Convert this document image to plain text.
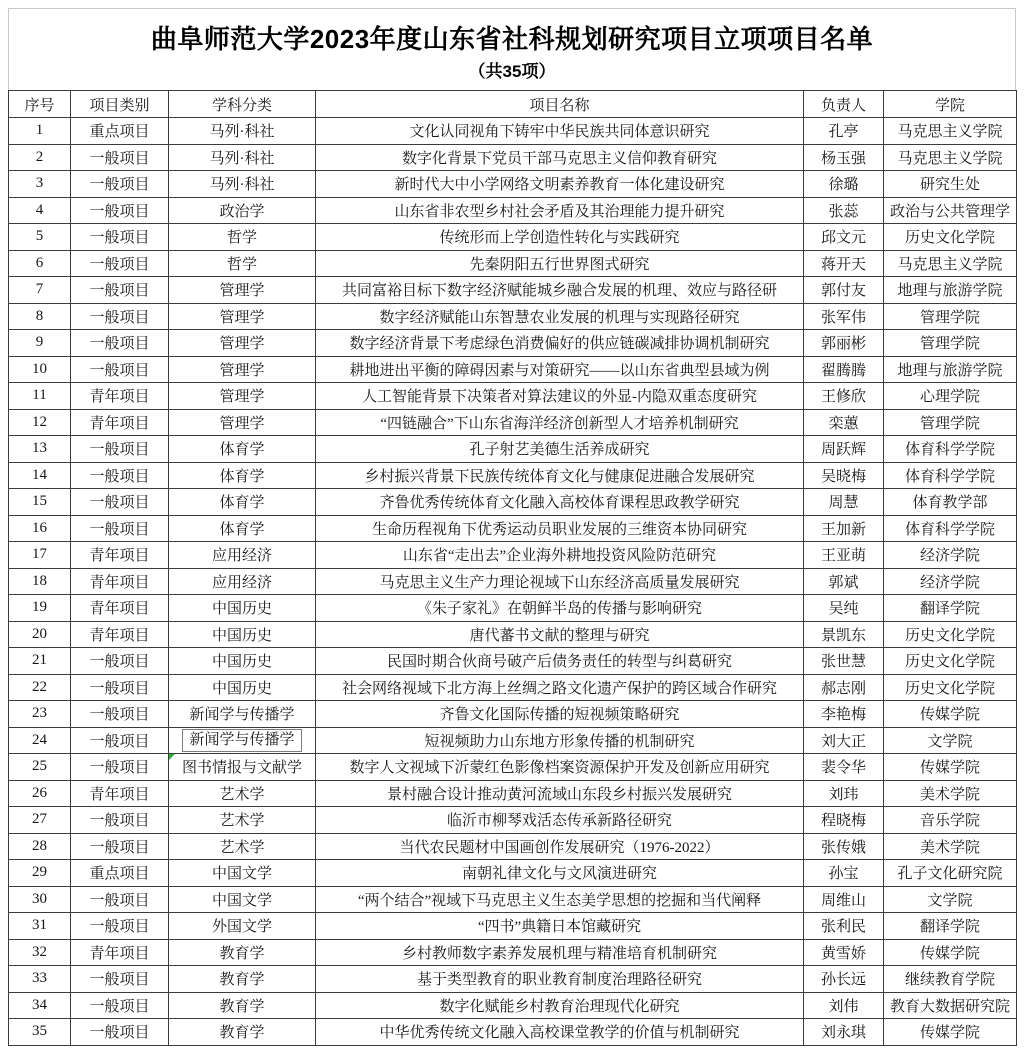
曲阜师范大学2023年度山东省社科规划研究项目立项项目名单
（共35项）
序号	项目类别	学科分类	项目名称	负责人	学院
1	重点项目	马列·科社	文化认同视角下铸牢中华民族共同体意识研究	孔亭	马克思主义学院
2	一般项目	马列·科社	数字化背景下党员干部马克思主义信仰教育研究	杨玉强	马克思主义学院
3	一般项目	马列·科社	新时代大中小学网络文明素养教育一体化建设研究	徐璐	研究生处
4	一般项目	政治学	山东省非农型乡村社会矛盾及其治理能力提升研究	张蕊	政治与公共管理学
5	一般项目	哲学	传统形而上学创造性转化与实践研究	邱文元	历史文化学院
6	一般项目	哲学	先秦阴阳五行世界图式研究	蒋开天	马克思主义学院
7	一般项目	管理学	共同富裕目标下数字经济赋能城乡融合发展的机理、效应与路径研	郭付友	地理与旅游学院
8	一般项目	管理学	数字经济赋能山东智慧农业发展的机理与实现路径研究	张军伟	管理学院
9	一般项目	管理学	数字经济背景下考虑绿色消费偏好的供应链碳减排协调机制研究	郭丽彬	管理学院
10	一般项目	管理学	耕地进出平衡的障碍因素与对策研究——以山东省典型县域为例	翟腾腾	地理与旅游学院
11	青年项目	管理学	人工智能背景下决策者对算法建议的外显-内隐双重态度研究	王修欣	心理学院
12	青年项目	管理学	“四链融合”下山东省海洋经济创新型人才培养机制研究	栾蕙	管理学院
13	一般项目	体育学	孔子射艺美德生活养成研究	周跃辉	体育科学学院
14	一般项目	体育学	乡村振兴背景下民族传统体育文化与健康促进融合发展研究	吴晓梅	体育科学学院
15	一般项目	体育学	齐鲁优秀传统体育文化融入高校体育课程思政教学研究	周慧	体育教学部
16	一般项目	体育学	生命历程视角下优秀运动员职业发展的三维资本协同研究	王加新	体育科学学院
17	青年项目	应用经济	山东省“走出去”企业海外耕地投资风险防范研究	王亚萌	经济学院
18	青年项目	应用经济	马克思主义生产力理论视域下山东经济高质量发展研究	郭斌	经济学院
19	青年项目	中国历史	《朱子家礼》在朝鲜半岛的传播与影响研究	吴纯	翻译学院
20	青年项目	中国历史	唐代蕃书文献的整理与研究	景凯东	历史文化学院
21	一般项目	中国历史	民国时期合伙商号破产后债务责任的转型与纠葛研究	张世慧	历史文化学院
22	一般项目	中国历史	社会网络视域下北方海上丝绸之路文化遗产保护的跨区域合作研究	郝志刚	历史文化学院
23	一般项目	新闻学与传播学	齐鲁文化国际传播的短视频策略研究	李艳梅	传媒学院
24	一般项目	新闻学与传播学	短视频助力山东地方形象传播的机制研究	刘大正	文学院
25	一般项目	图书情报与文献学	数字人文视域下沂蒙红色影像档案资源保护开发及创新应用研究	裴令华	传媒学院
26	青年项目	艺术学	景村融合设计推动黄河流域山东段乡村振兴发展研究	刘玮	美术学院
27	一般项目	艺术学	临沂市柳琴戏活态传承新路径研究	程晓梅	音乐学院
28	一般项目	艺术学	当代农民题材中国画创作发展研究（1976-2022）	张传娥	美术学院
29	重点项目	中国文学	南朝礼律文化与文风演进研究	孙宝	孔子文化研究院
30	一般项目	中国文学	“两个结合”视域下马克思主义生态美学思想的挖掘和当代阐释	周维山	文学院
31	一般项目	外国文学	“四书”典籍日本馆藏研究	张利民	翻译学院
32	青年项目	教育学	乡村教师数字素养发展机理与精准培育机制研究	黄雪娇	传媒学院
33	一般项目	教育学	基于类型教育的职业教育制度治理路径研究	孙长远	继续教育学院
34	一般项目	教育学	数字化赋能乡村教育治理现代化研究	刘伟	教育大数据研究院
35	一般项目	教育学	中华优秀传统文化融入高校课堂教学的价值与机制研究	刘永琪	传媒学院
